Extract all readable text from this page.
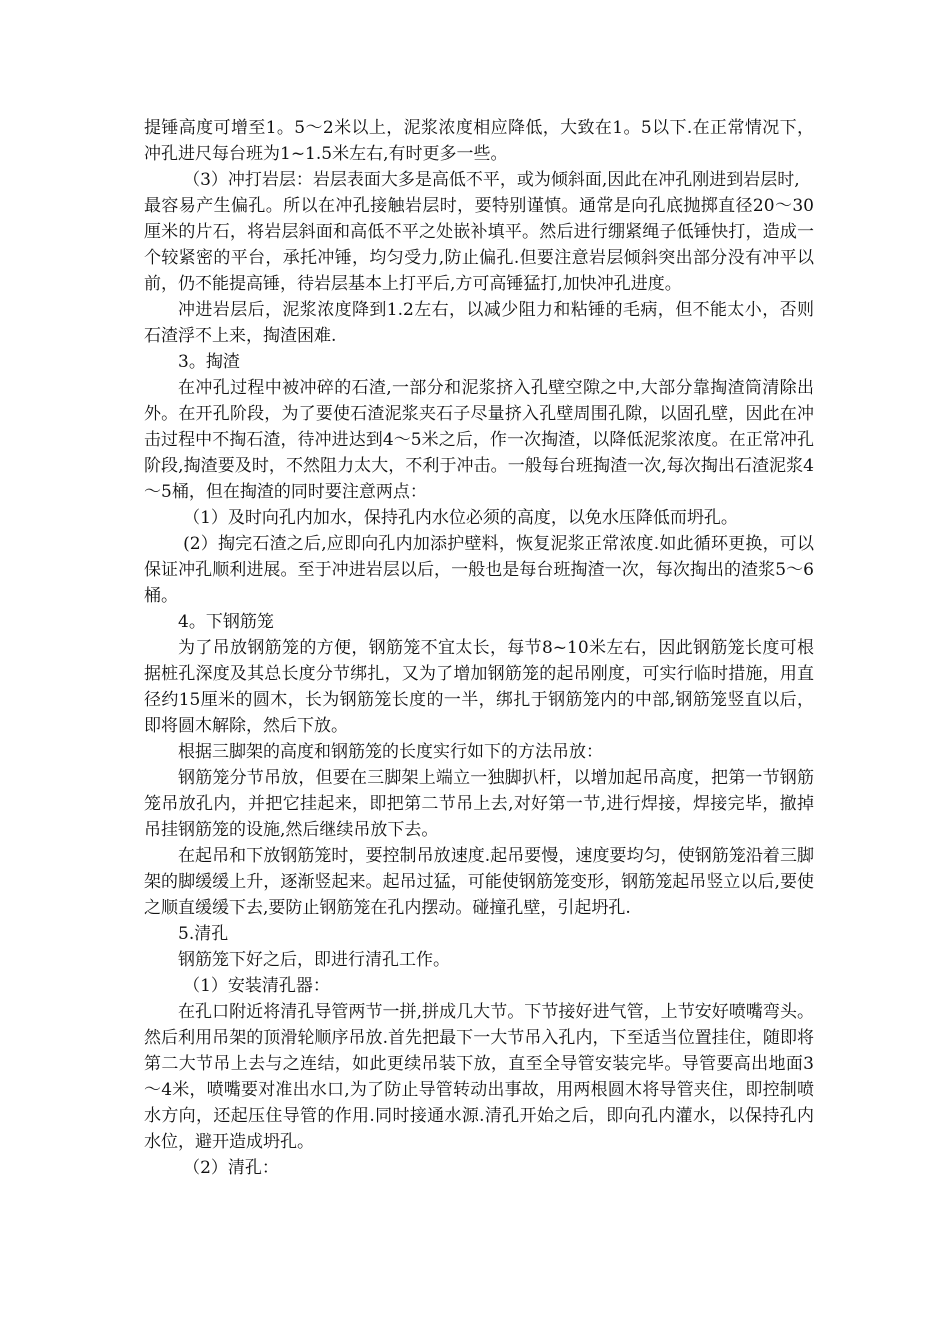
提锤高度可增至1。5～2米以上，泥浆浓度相应降低，大致在1。5以下.在正常情况下，冲孔进尺每台班为1~1.5米左右,有时更多一些。

（3）冲打岩层：岩层表面大多是高低不平，或为倾斜面,因此在冲孔刚进到岩层时,

最容易产生偏孔。所以在冲孔接触岩层时，要特别谨慎。通常是向孔底抛掷直径20～30厘米的片石，将岩层斜面和高低不平之处嵌补填平。然后进行绷紧绳子低锤快打，造成一个较紧密的平台，承托冲锤，均匀受力,防止偏孔.但要注意岩层倾斜突出部分没有冲平以前，仍不能提高锤，待岩层基本上打平后,方可高锤猛打,加快冲孔进度。

冲进岩层后，泥浆浓度降到1.2左右，以减少阻力和粘锤的毛病，但不能太小，否则石渣浮不上来，掏渣困难.

3。掏渣

在冲孔过程中被冲碎的石渣,一部分和泥浆挤入孔壁空隙之中,大部分靠掏渣筒清除出外。在开孔阶段，为了要使石渣泥浆夹石子尽量挤入孔壁周围孔隙，以固孔壁，因此在冲击过程中不掏石渣，待冲进达到4～5米之后，作一次掏渣，以降低泥浆浓度。在正常冲孔阶段,掏渣要及时，不然阻力太大，不利于冲击。一般每台班掏渣一次,每次掏出石渣泥浆4～5桶，但在掏渣的同时要注意两点：

（1）及时向孔内加水，保持孔内水位必须的高度，以免水压降低而坍孔。

(2）掏完石渣之后,应即向孔内加添护壁料，恢复泥浆正常浓度.如此循环更换，可以保证冲孔顺利进展。至于冲进岩层以后，一般也是每台班掏渣一次，每次掏出的渣浆5～6桶。

4。下钢筋笼

为了吊放钢筋笼的方便，钢筋笼不宜太长，每节8~10米左右，因此钢筋笼长度可根据桩孔深度及其总长度分节绑扎，又为了增加钢筋笼的起吊刚度，可实行临时措施，用直径约15厘米的圆木，长为钢筋笼长度的一半，绑扎于钢筋笼内的中部,钢筋笼竖直以后，即将圆木解除，然后下放。

根据三脚架的高度和钢筋笼的长度实行如下的方法吊放：

钢筋笼分节吊放，但要在三脚架上端立一独脚扒杆，以增加起吊高度，把第一节钢筋笼吊放孔内，并把它挂起来，即把第二节吊上去,对好第一节,进行焊接，焊接完毕，撤掉吊挂钢筋笼的设施,然后继续吊放下去。

在起吊和下放钢筋笼时，要控制吊放速度.起吊要慢，速度要均匀，使钢筋笼沿着三脚架的脚缓缓上升，逐渐竖起来。起吊过猛，可能使钢筋笼变形，钢筋笼起吊竖立以后,要使之顺直缓缓下去,要防止钢筋笼在孔内摆动。碰撞孔壁，引起坍孔.

5.清孔

钢筋笼下好之后，即进行清孔工作。

（1）安装清孔器：

在孔口附近将清孔导管两节一拼,拼成几大节。下节接好进气管，上节安好喷嘴弯头。然后利用吊架的顶滑轮顺序吊放.首先把最下一大节吊入孔内，下至适当位置挂住，随即将第二大节吊上去与之连结，如此更续吊装下放，直至全导管安装完毕。导管要高出地面3～4米，喷嘴要对准出水口,为了防止导管转动出事故，用两根圆木将导管夹住，即控制喷水方向，还起压住导管的作用.同时接通水源.清孔开始之后，即向孔内灌水，以保持孔内水位，避开造成坍孔。

（2）清孔：
